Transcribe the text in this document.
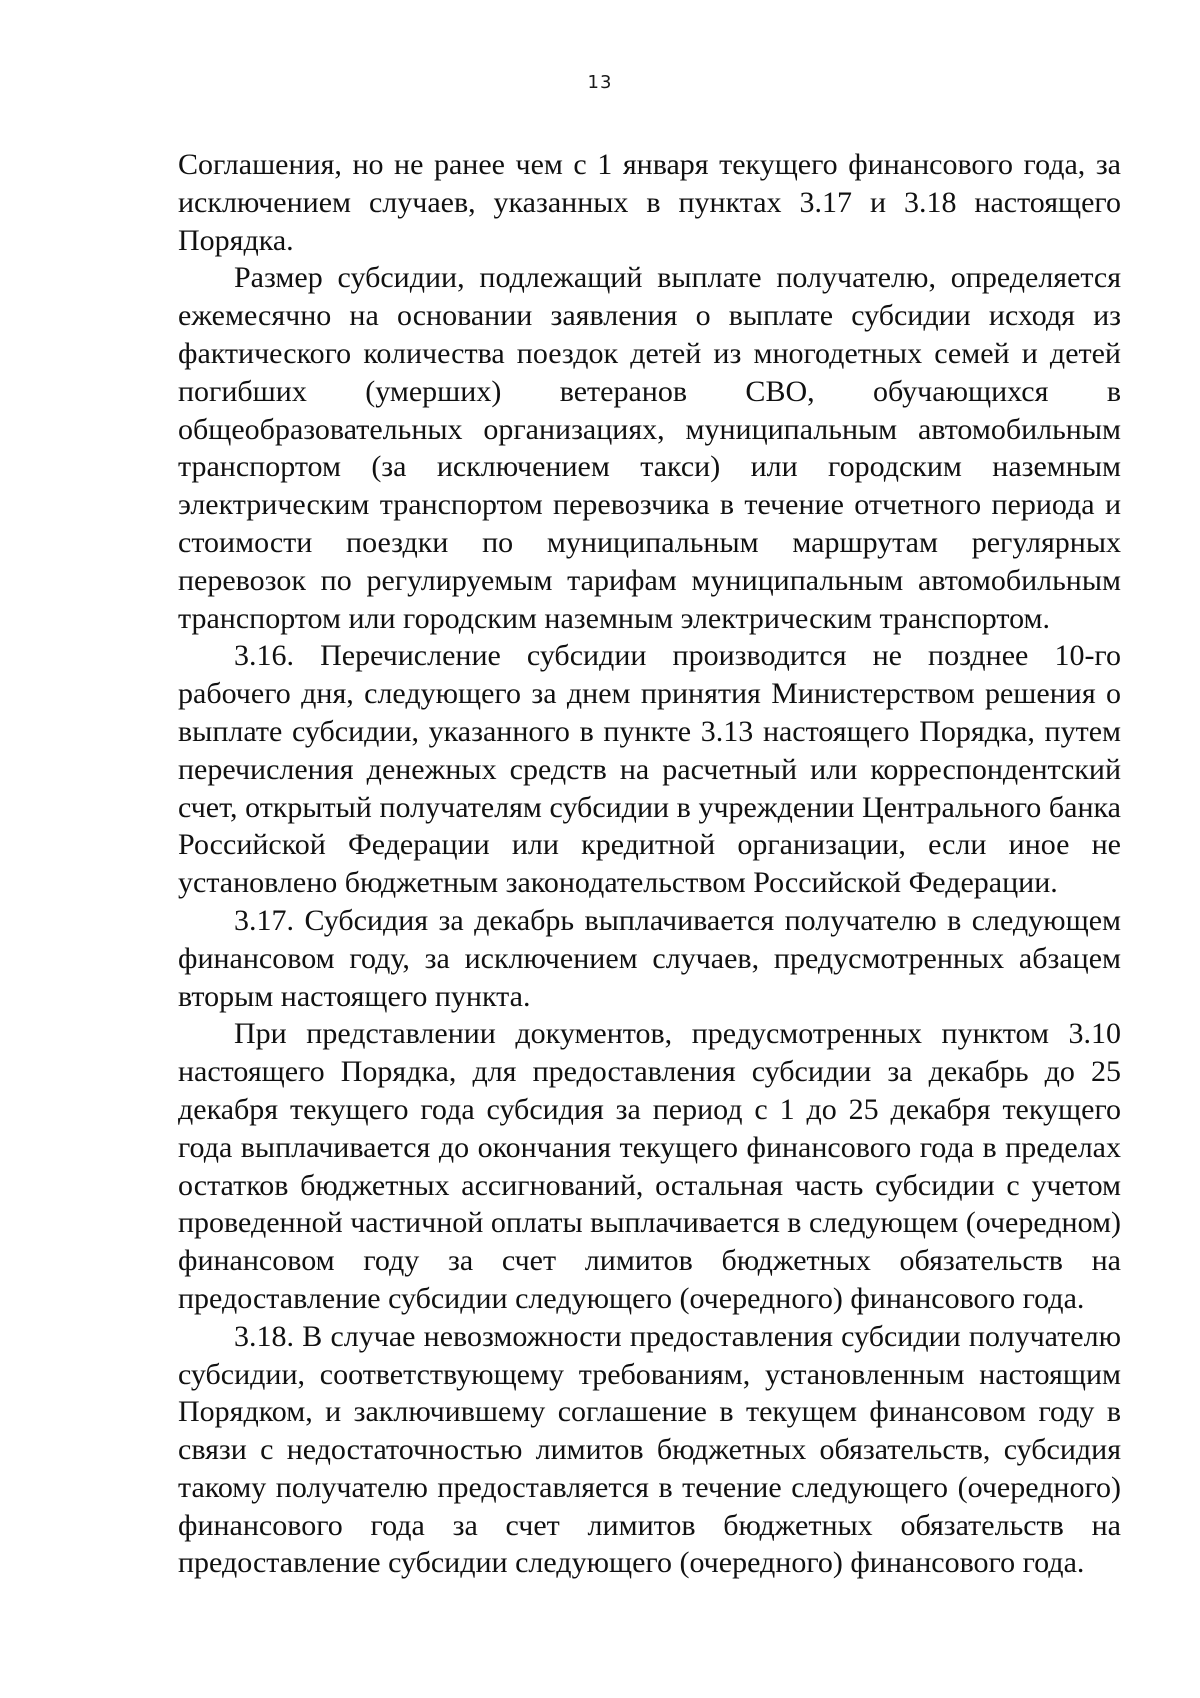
13

Соглашения, но не ранее чем с 1 января текущего финансового года, за исключением случаев, указанных в пунктах 3.17 и 3.18 настоящего Порядка.

Размер субсидии, подлежащий выплате получателю, определяется ежемесячно на основании заявления о выплате субсидии исходя из фактического количества поездок детей из многодетных семей и детей погибших (умерших) ветеранов СВО, обучающихся в общеобразовательных организациях, муниципальным автомобильным транспортом (за исключением такси) или городским наземным электрическим транспортом перевозчика в течение отчетного периода и стоимости поездки по муниципальным маршрутам регулярных перевозок по регулируемым тарифам муниципальным автомобильным транспортом или городским наземным электрическим транспортом.

3.16. Перечисление субсидии производится не позднее 10-го рабочего дня, следующего за днем принятия Министерством решения о выплате субсидии, указанного в пункте 3.13 настоящего Порядка, путем перечисления денежных средств на расчетный или корреспондентский счет, открытый получателям субсидии в учреждении Центрального банка Российской Федерации или кредитной организации, если иное не установлено бюджетным законодательством Российской Федерации.

3.17. Субсидия за декабрь выплачивается получателю в следующем финансовом году, за исключением случаев, предусмотренных абзацем вторым настоящего пункта.

При представлении документов, предусмотренных пунктом 3.10 настоящего Порядка, для предоставления субсидии за декабрь до 25 декабря текущего года субсидия за период с 1 до 25 декабря текущего года выплачивается до окончания текущего финансового года в пределах остатков бюджетных ассигнований, остальная часть субсидии с учетом проведенной частичной оплаты выплачивается в следующем (очередном) финансовом году за счет лимитов бюджетных обязательств на предоставление субсидии следующего (очередного) финансового года.

3.18. В случае невозможности предоставления субсидии получателю субсидии, соответствующему требованиям, установленным настоящим Порядком, и заключившему соглашение в текущем финансовом году в связи с недостаточностью лимитов бюджетных обязательств, субсидия такому получателю предоставляется в течение следующего (очередного) финансового года за счет лимитов бюджетных обязательств на предоставление субсидии следующего (очередного) финансового года.
